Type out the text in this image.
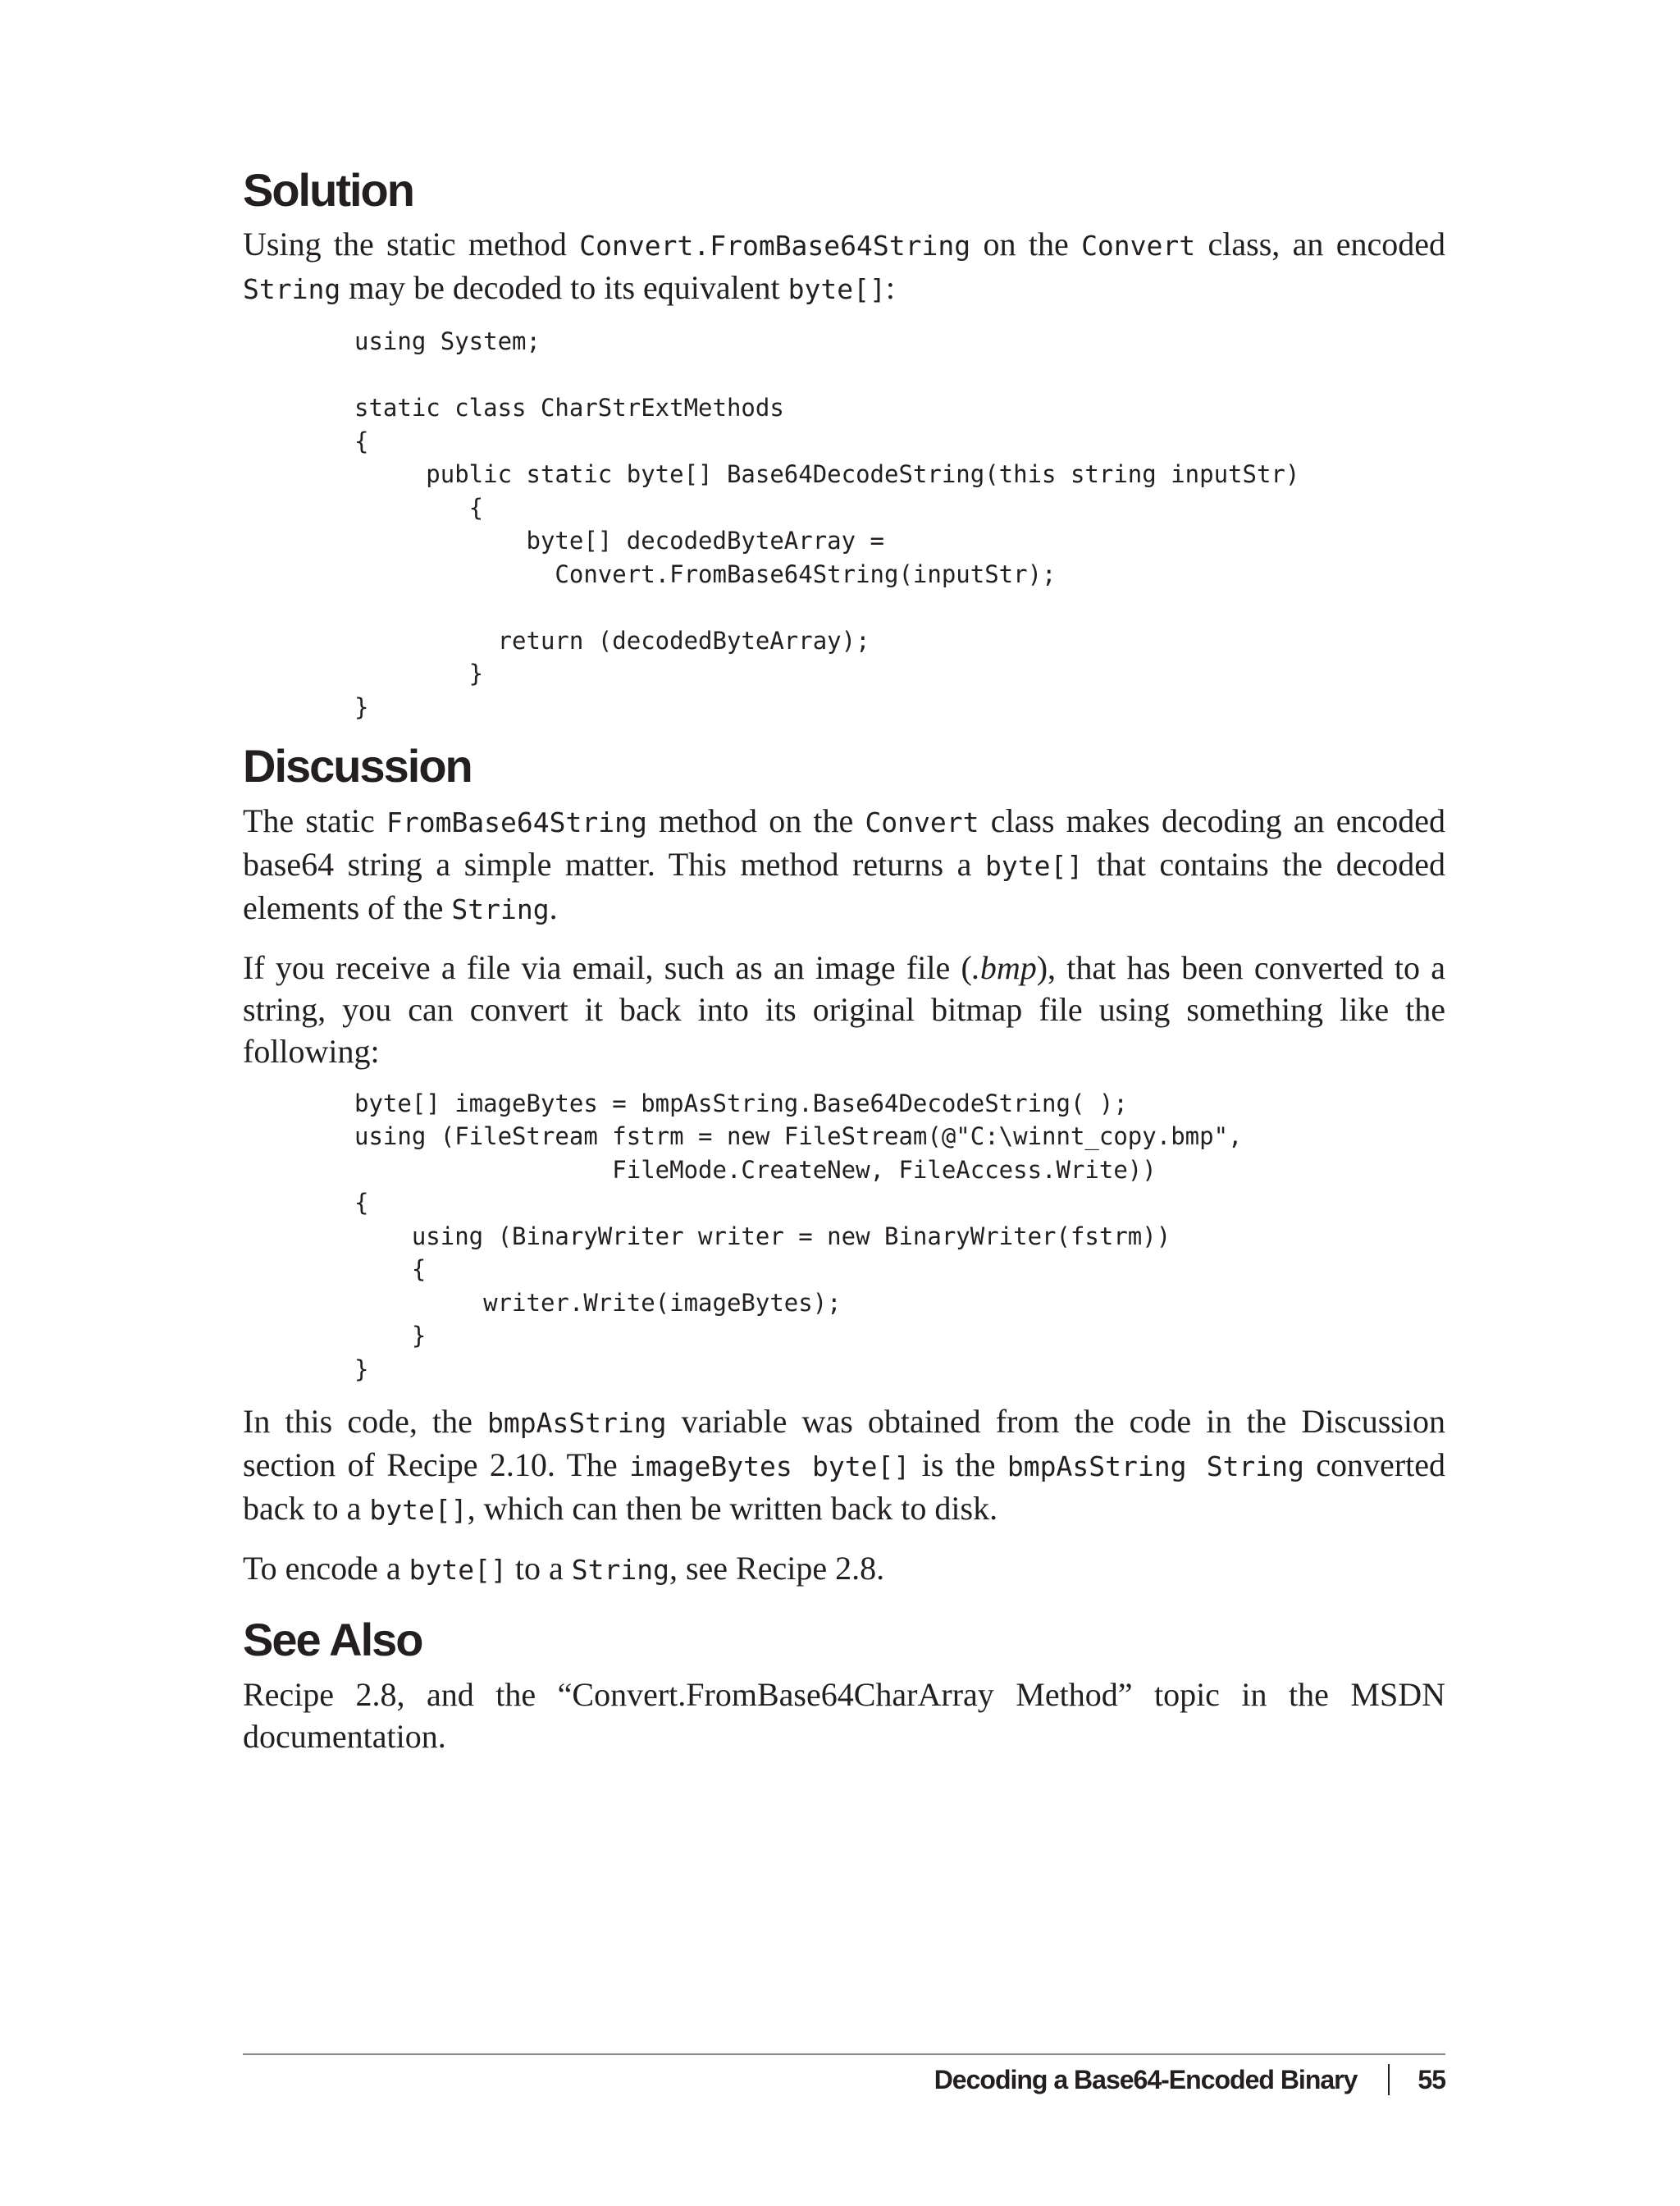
Solution

Using the static method Convert.FromBase64String on the Convert class, an encoded String may be decoded to its equivalent byte[]:

using System;

static class CharStrExtMethods
{
public static byte[] Base64DecodeString(this string inputStr)
{
byte[] decodedByteArray =
Convert.FromBase64String(inputStr);

return (decodedByteArray);
}
}
Discussion

The static FromBase64String method on the Convert class makes decoding an encoded base64 string a simple matter. This method returns a byte[] that contains the decoded elements of the String.

If you receive a file via email, such as an image file (.bmp), that has been converted to a string, you can convert it back into its original bitmap file using something like the following:

byte[] imageBytes = bmpAsString.Base64DecodeString( );
using (FileStream fstrm = new FileStream(@"C:\winnt_copy.bmp",
FileMode.CreateNew, FileAccess.Write))
{
using (BinaryWriter writer = new BinaryWriter(fstrm))
{
writer.Write(imageBytes);
}
}

In this code, the bmpAsString variable was obtained from the code in the Discussion section of Recipe 2.10. The imageBytes byte[] is the bmpAsString String converted back to a byte[], which can then be written back to disk.

To encode a byte[] to a String, see Recipe 2.8.

See Also

Recipe 2.8, and the “Convert.FromBase64CharArray Method” topic in the MSDN documentation.

Decoding a Base64-Encoded Binary 55
